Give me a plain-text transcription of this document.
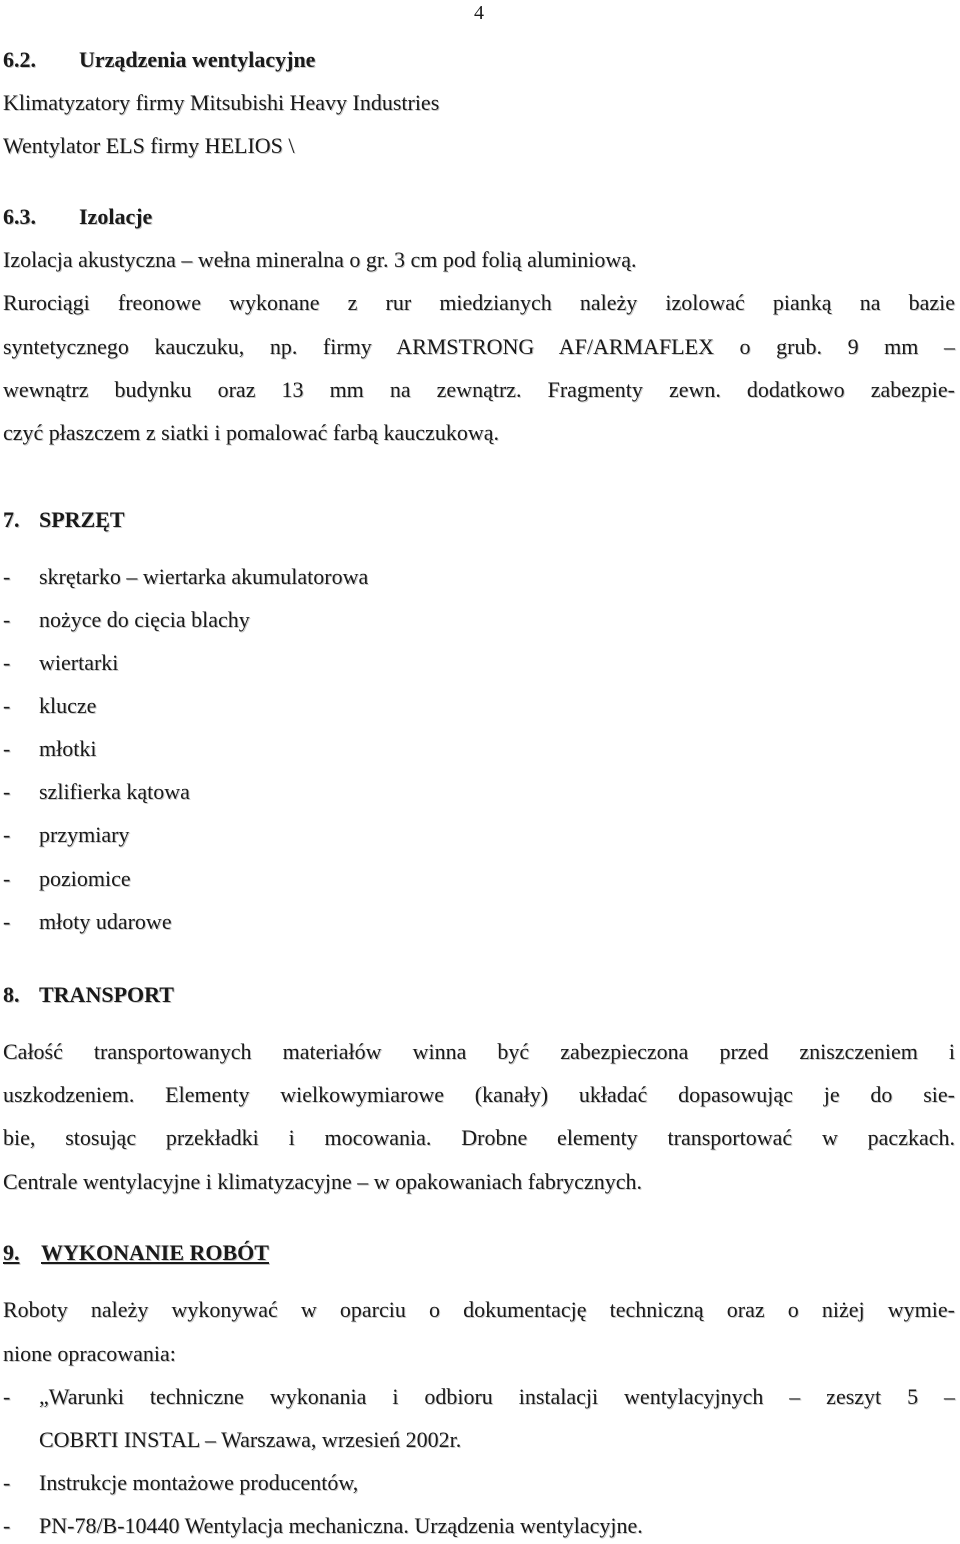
4
6.2. Urządzenia wentylacyjne
Klimatyzatory firmy Mitsubishi Heavy Industries
Wentylator ELS firmy HELIOS \
6.3. Izolacje
Izolacja akustyczna – wełna mineralna o gr. 3 cm pod folią aluminiową.
Rurociągi freonowe wykonane z rur miedzianych należy izolować pianką na bazie
syntetycznego kauczuku, np. firmy ARMSTRONG AF/ARMAFLEX o grub. 9 mm –
wewnątrz budynku oraz 13 mm na zewnątrz. Fragmenty zewn. dodatkowo zabezpie-
czyć płaszczem z siatki i pomalować farbą kauczukową.
7. SPRZĘT
- skrętarko – wiertarka akumulatorowa
- nożyce do cięcia blachy
- wiertarki
- klucze
- młotki
- szlifierka kątowa
- przymiary
- poziomice
- młoty udarowe
8. TRANSPORT
Całość transportowanych materiałów winna być zabezpieczona przed zniszczeniem i
uszkodzeniem. Elementy wielkowymiarowe (kanały) układać dopasowując je do sie-
bie, stosując przekładki i mocowania. Drobne elementy transportować w paczkach.
Centrale wentylacyjne i klimatyzacyjne – w opakowaniach fabrycznych.
9. WYKONANIE ROBÓT
Roboty należy wykonywać w oparciu o dokumentację techniczną oraz o niżej wymie-
nione opracowania:
- „Warunki techniczne wykonania i odbioru instalacji wentylacyjnych – zeszyt 5 –
COBRTI INSTAL – Warszawa, wrzesień 2002r.
- Instrukcje montażowe producentów,
- PN-78/B-10440 Wentylacja mechaniczna. Urządzenia wentylacyjne.
